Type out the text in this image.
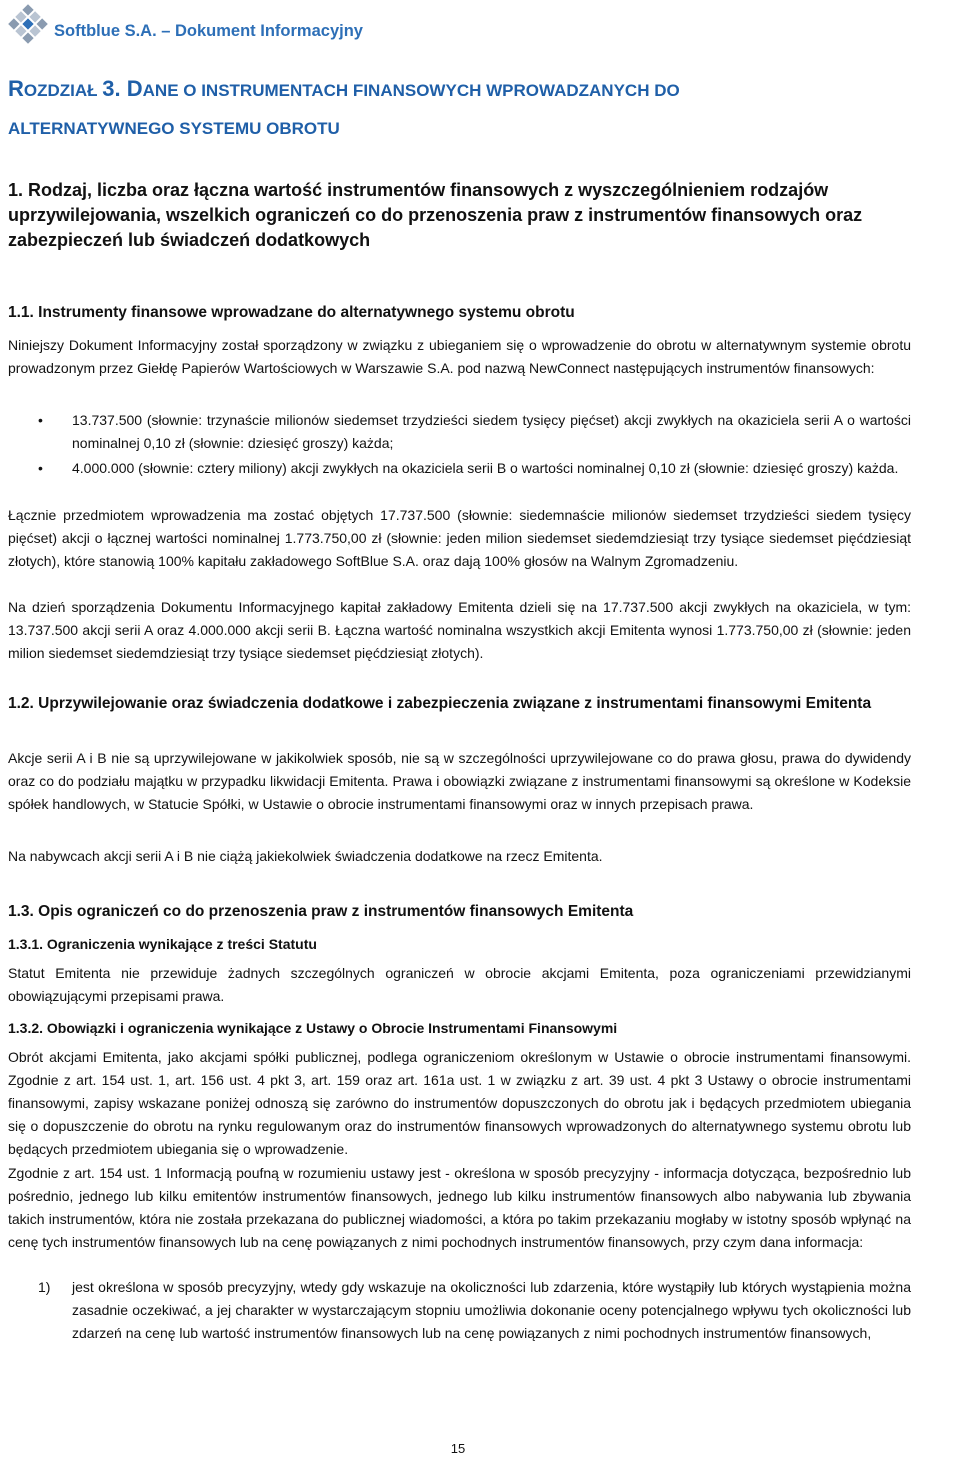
Softblue S.A. – Dokument Informacyjny
ROZDZIAŁ 3. DANE O INSTRUMENTACH FINANSOWYCH WPROWADZANYCH DO
ALTERNATYWNEGO SYSTEMU OBROTU
1. Rodzaj, liczba oraz łączna wartość instrumentów finansowych z wyszczególnieniem rodzajów uprzywilejowania, wszelkich ograniczeń co do przenoszenia praw z instrumentów finansowych oraz zabezpieczeń lub świadczeń dodatkowych
1.1. Instrumenty finansowe wprowadzane do alternatywnego systemu obrotu
Niniejszy Dokument Informacyjny został sporządzony w związku z ubieganiem się o wprowadzenie do obrotu w alternatywnym systemie obrotu prowadzonym przez Giełdę Papierów Wartościowych w Warszawie S.A. pod nazwą NewConnect następujących instrumentów finansowych:
• 13.737.500 (słownie: trzynaście milionów siedemset trzydzieści siedem tysięcy pięćset) akcji zwykłych na okaziciela serii A o wartości nominalnej 0,10 zł (słownie: dziesięć groszy) każda;
• 4.000.000 (słownie: cztery miliony) akcji zwykłych na okaziciela serii B o wartości nominalnej 0,10 zł (słownie: dziesięć groszy) każda.
Łącznie przedmiotem wprowadzenia ma zostać objętych 17.737.500 (słownie: siedemnaście milionów siedemset trzydzieści siedem tysięcy pięćset) akcji o łącznej wartości nominalnej 1.773.750,00 zł (słownie: jeden milion siedemset siedemdziesiąt trzy tysiące siedemset pięćdziesiąt złotych), które stanowią 100% kapitału zakładowego SoftBlue S.A. oraz dają 100% głosów na Walnym Zgromadzeniu.
Na dzień sporządzenia Dokumentu Informacyjnego kapitał zakładowy Emitenta dzieli się na 17.737.500 akcji zwykłych na okaziciela, w tym: 13.737.500 akcji serii A oraz 4.000.000 akcji serii B. Łączna wartość nominalna wszystkich akcji Emitenta wynosi 1.773.750,00 zł (słownie: jeden milion siedemset siedemdziesiąt trzy tysiące siedemset pięćdziesiąt złotych).
1.2. Uprzywilejowanie oraz świadczenia dodatkowe i zabezpieczenia związane z instrumentami finansowymi Emitenta
Akcje serii A i B nie są uprzywilejowane w jakikolwiek sposób, nie są w szczególności uprzywilejowane co do prawa głosu, prawa do dywidendy oraz co do podziału majątku w przypadku likwidacji Emitenta. Prawa i obowiązki związane z instrumentami finansowymi są określone w Kodeksie spółek handlowych, w Statucie Spółki, w Ustawie o obrocie instrumentami finansowymi oraz w innych przepisach prawa.
Na nabywcach akcji serii A i B nie ciążą jakiekolwiek świadczenia dodatkowe na rzecz Emitenta.
1.3. Opis ograniczeń co do przenoszenia praw z instrumentów finansowych Emitenta
1.3.1. Ograniczenia wynikające z treści Statutu
Statut Emitenta nie przewiduje żadnych szczególnych ograniczeń w obrocie akcjami Emitenta, poza ograniczeniami przewidzianymi obowiązującymi przepisami prawa.
1.3.2. Obowiązki i ograniczenia wynikające z Ustawy o Obrocie Instrumentami Finansowymi
Obrót akcjami Emitenta, jako akcjami spółki publicznej, podlega ograniczeniom określonym w Ustawie o obrocie instrumentami finansowymi. Zgodnie z art. 154 ust. 1, art. 156 ust. 4 pkt 3, art. 159 oraz art. 161a ust. 1 w związku z art. 39 ust. 4 pkt 3 Ustawy o obrocie instrumentami finansowymi, zapisy wskazane poniżej odnoszą się zarówno do instrumentów dopuszczonych do obrotu jak i będących przedmiotem ubiegania się o dopuszczenie do obrotu na rynku regulowanym oraz do instrumentów finansowych wprowadzonych do alternatywnego systemu obrotu lub będących przedmiotem ubiegania się o wprowadzenie.
Zgodnie z art. 154 ust. 1 Informacją poufną w rozumieniu ustawy jest - określona w sposób precyzyjny - informacja dotycząca, bezpośrednio lub pośrednio, jednego lub kilku emitentów instrumentów finansowych, jednego lub kilku instrumentów finansowych albo nabywania lub zbywania takich instrumentów, która nie została przekazana do publicznej wiadomości, a która po takim przekazaniu mogłaby w istotny sposób wpłynąć na cenę tych instrumentów finansowych lub na cenę powiązanych z nimi pochodnych instrumentów finansowych, przy czym dana informacja:
1) jest określona w sposób precyzyjny, wtedy gdy wskazuje na okoliczności lub zdarzenia, które wystąpiły lub których wystąpienia można zasadnie oczekiwać, a jej charakter w wystarczającym stopniu umożliwia dokonanie oceny potencjalnego wpływu tych okoliczności lub zdarzeń na cenę lub wartość instrumentów finansowych lub na cenę powiązanych z nimi pochodnych instrumentów finansowych,
15
